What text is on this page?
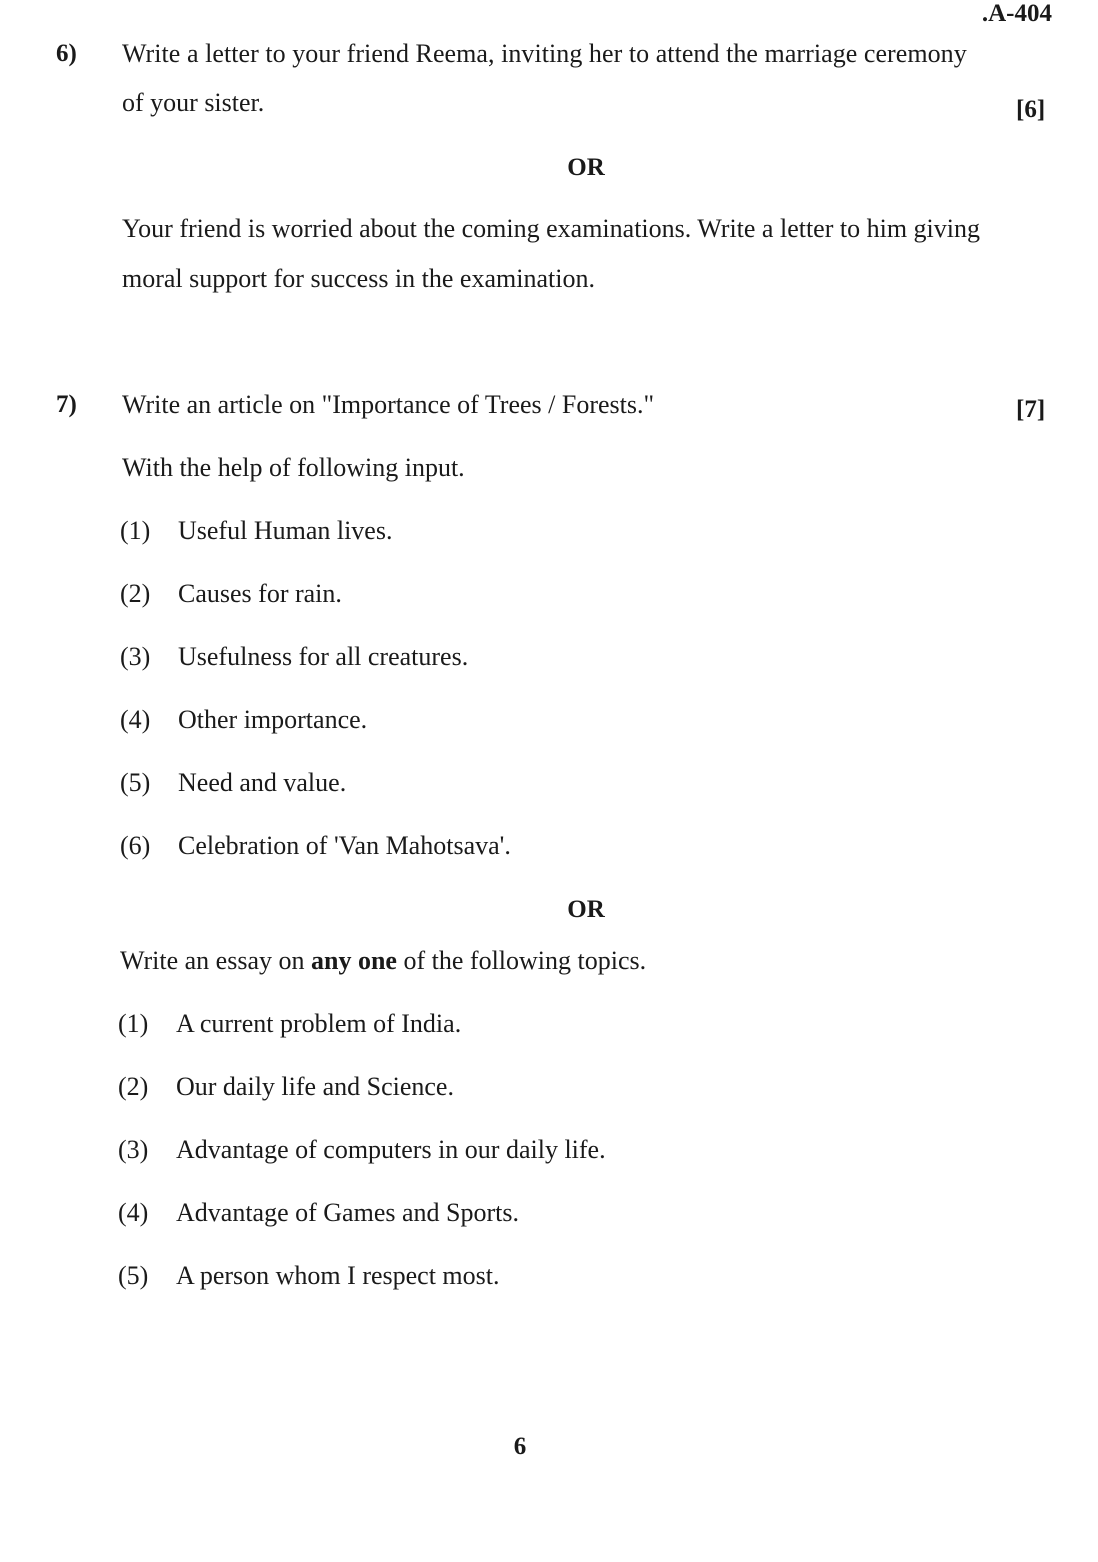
.A-404
6) Write a letter to your friend Reema, inviting her to attend the marriage ceremony
of your sister.	[6]
OR
Your friend is worried about the coming examinations. Write a letter to him giving
moral support for success in the examination.
7) Write an article on "Importance of Trees / Forests."	[7]
With the help of following input.
(1) Useful Human lives.
(2) Causes for rain.
(3) Usefulness for all creatures.
(4) Other importance.
(5) Need and value.
(6) Celebration of 'Van Mahotsava'.
OR
Write an essay on any one of the following topics.
(1) A current problem of India.
(2) Our daily life and Science.
(3) Advantage of computers in our daily life.
(4) Advantage of Games and Sports.
(5) A person whom I respect most.
6
